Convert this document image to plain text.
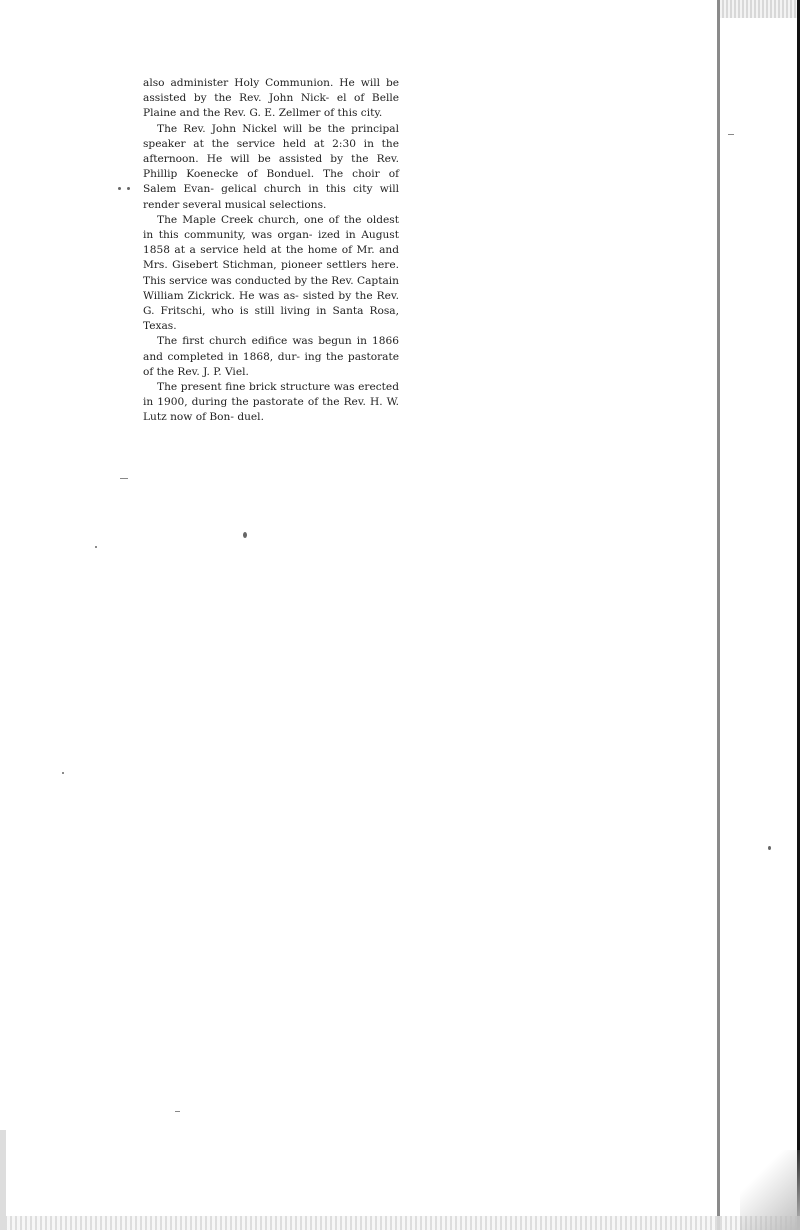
also administer Holy Communion. He will be assisted by the Rev. John Nick- el of Belle Plaine and the Rev. G. E. Zellmer of this city.

The Rev. John Nickel will be the principal speaker at the service held at 2:30 in the afternoon. He will be assisted by the Rev. Phillip Koenecke of Bonduel. The choir of Salem Evan- gelical church in this city will render several musical selections.

The Maple Creek church, one of the oldest in this community, was organ- ized in August 1858 at a service held at the home of Mr. and Mrs. Gisebert Stichman, pioneer settlers here. This service was conducted by the Rev. Captain William Zickrick. He was as- sisted by the Rev. G. Fritschi, who is still living in Santa Rosa, Texas.

The first church edifice was begun in 1866 and completed in 1868, dur- ing the pastorate of the Rev. J. P. Viel.

The present fine brick structure was erected in 1900, during the pastorate of the Rev. H. W. Lutz now of Bon- duel.
